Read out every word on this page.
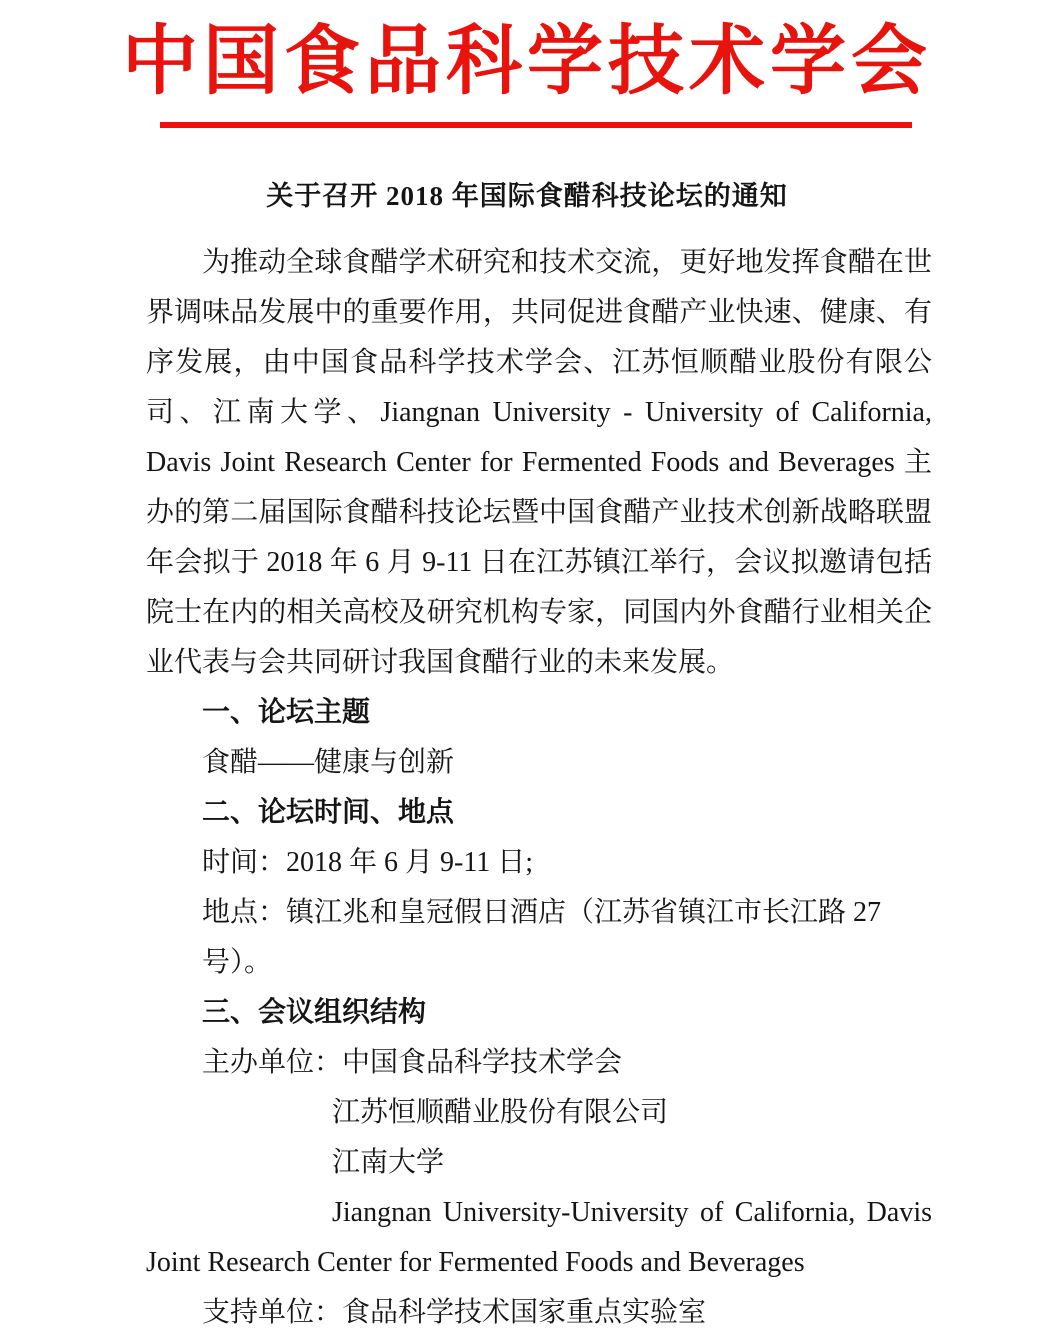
中国食品科学技术学会
关于召开 2018 年国际食醋科技论坛的通知

为推动全球食醋学术研究和技术交流，更好地发挥食醋在世界调味品发展中的重要作用，共同促进食醋产业快速、健康、有序发展，由中国食品科学技术学会、江苏恒顺醋业股份有限公司、江南大学、Jiangnan University - University of California, Davis Joint Research Center for Fermented Foods and Beverages 主办的第二届国际食醋科技论坛暨中国食醋产业技术创新战略联盟年会拟于 2018 年 6 月 9-11 日在江苏镇江举行，会议拟邀请包括院士在内的相关高校及研究机构专家，同国内外食醋行业相关企业代表与会共同研讨我国食醋行业的未来发展。

一、论坛主题
食醋——健康与创新
二、论坛时间、地点
时间：2018 年 6 月 9-11 日;
地点：镇江兆和皇冠假日酒店（江苏省镇江市长江路 27 号）。
三、会议组织结构
主办单位：中国食品科学技术学会
江苏恒顺醋业股份有限公司
江南大学
Jiangnan University-University of California, Davis
Joint Research Center for Fermented Foods and Beverages
支持单位：食品科学技术国家重点实验室
